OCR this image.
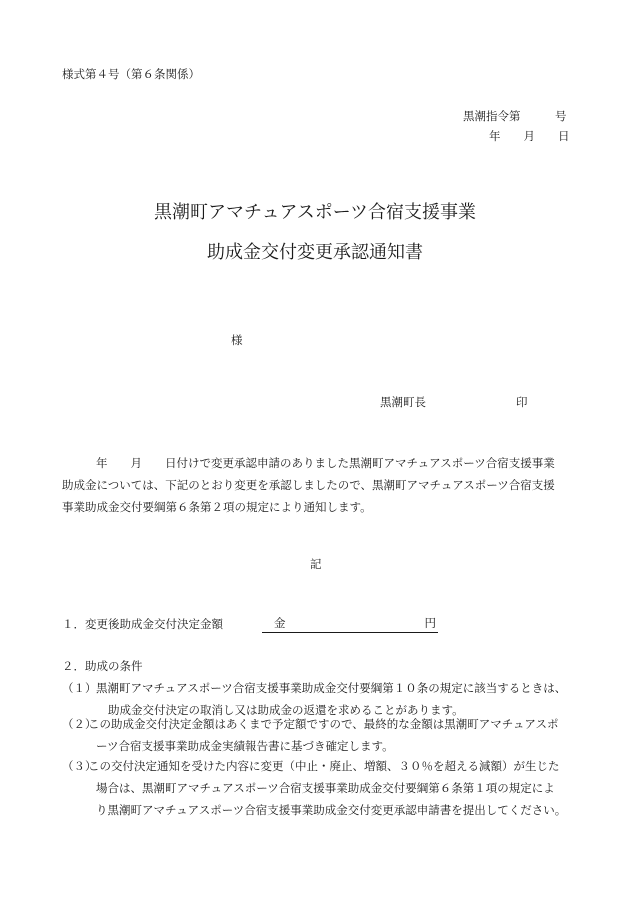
様式第４号（第６条関係）
黒潮指令第　　　号
年　　月　　日
黒潮町アマチュアスポーツ合宿支援事業
助成金交付変更承認通知書
様
黒潮町長	印
年　　月　　日付けで変更承認申請のありました黒潮町アマチュアスポーツ合宿支援事業
助成金については、下記のとおり変更を承認しましたので、黒潮町アマチュアスポーツ合宿支援
事業助成金交付要綱第６条第２項の規定により通知します。
記
１．変更後助成金交付決定金額	金	円
２．助成の条件
（１） 黒潮町アマチュアスポーツ合宿支援事業助成金交付要綱第１０条の規定に該当するときは、
助成金交付決定の取消し又は助成金の返還を求めることがあります。
（２）
この助成金交付決定金額はあくまで予定額ですので、最終的な金額は黒潮町アマチュアスポ
ーツ合宿支援事業助成金実績報告書に基づき確定します。
（３）
この交付決定通知を受けた内容に変更（中止・廃止、増額、３０％を超える減額）が生じた
場合は、黒潮町アマチュアスポーツ合宿支援事業助成金交付要綱第６条第１項の規定によ
り黒潮町アマチュアスポーツ合宿支援事業助成金交付変更承認申請書を提出してください。
